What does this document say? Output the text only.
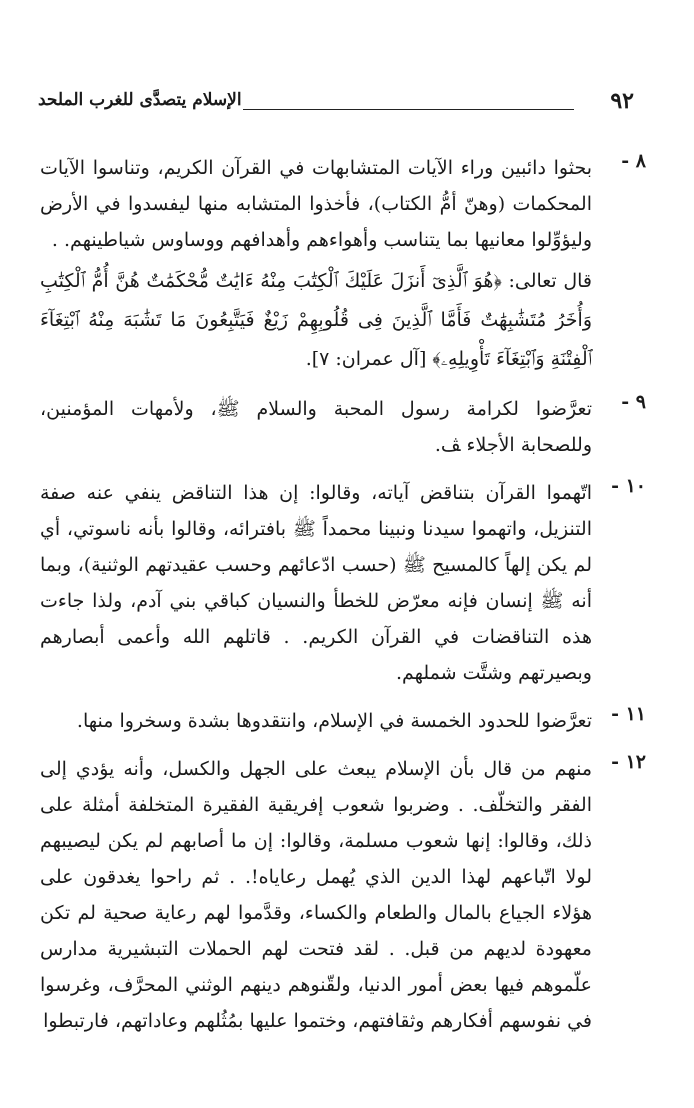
٩٢
الإسلام يتصدَّى للغرب الملحد
٨ -
بحثوا دائبين وراء الآيات المتشابهات في القرآن الكريم، وتناسوا الآيات المحكمات (وهنّ أمُّ الكتاب)، فأخذوا المتشابه منها ليفسدوا في الأرض وليؤوِّلوا معانيها بما يتناسب وأهواءهم وأهدافهم ووساوس شياطينهم. .
قال تعالى: ﴿هُوَ ٱلَّذِىٓ أَنزَلَ عَلَيْكَ ٱلْكِتَٰبَ مِنْهُ ءَايَٰتٌ مُّحْكَمَٰتٌ هُنَّ أُمُّ ٱلْكِتَٰبِ وَأُخَرُ مُتَشَٰبِهَٰتٌ فَأَمَّا ٱلَّذِينَ فِى قُلُوبِهِمْ زَيْغٌ فَيَتَّبِعُونَ مَا تَشَٰبَهَ مِنْهُ ٱبْتِغَآءَ ٱلْفِتْنَةِ وَٱبْتِغَآءَ تَأْوِيلِهِۦ﴾ [آل عمران: ٧].
٩ -
تعرَّضوا لكرامة رسول المحبة والسلام ﷺ، ولأمهات المؤمنين، وللصحابة الأجلاء ﭫ.
١٠ -
اتّهموا القرآن بتناقض آياته، وقالوا: إن هذا التناقض ينفي عنه صفة التنزيل، واتهموا سيدنا ونبينا محمداً ﷺ بافترائه، وقالوا بأنه ناسوتي، أي لم يكن إلهاً كالمسيح ﷺ (حسب ادّعائهم وحسب عقيدتهم الوثنية)، وبما أنه ﷺ إنسان فإنه معرّض للخطأ والنسيان كباقي بني آدم، ولذا جاءت هذه التناقضات في القرآن الكريم. . قاتلهم الله وأعمى أبصارهم وبصيرتهم وشتَّت شملهم.
١١ -
تعرَّضوا للحدود الخمسة في الإسلام، وانتقدوها بشدة وسخروا منها.
١٢ -
منهم من قال بأن الإسلام يبعث على الجهل والكسل، وأنه يؤدي إلى الفقر والتخلّف. . وضربوا شعوب إفريقية الفقيرة المتخلفة أمثلة على ذلك، وقالوا: إنها شعوب مسلمة، وقالوا: إن ما أصابهم لم يكن ليصيبهم لولا اتّباعهم لهذا الدين الذي يُهمل رعاياه!. . ثم راحوا يغدقون على هؤلاء الجياع بالمال والطعام والكساء، وقدَّموا لهم رعاية صحية لم تكن معهودة لديهم من قبل. . لقد فتحت لهم الحملات التبشيرية مدارس علّموهم فيها بعض أمور الدنيا، ولقّنوهم دينهم الوثني المحرَّف، وغرسوا في نفوسهم أفكارهم وثقافتهم، وختموا عليها بمُثُلهم وعاداتهم، فارتبطوا
